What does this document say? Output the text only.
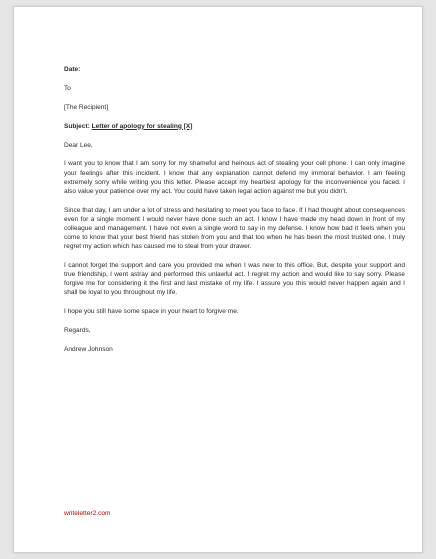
Date:
To
[The Recipient]
Subject: Letter of apology for stealing [X]
Dear Lee,

I want you to know that I am sorry for my shameful and heinous act of stealing your cell phone. I can only imagine your feelings after this incident. I know that any explanation cannot defend my immoral behavior. I am feeling extremely sorry while writing you this letter. Please accept my heartiest apology for the inconvenience you faced. I also value your patience over my act. You could have taken legal action against me but you didn't.

Since that day, I am under a lot of stress and hesitating to meet you face to face. If I had thought about consequences even for a single moment I would never have done such an act. I know I have made my head down in front of my colleague and management. I have not even a single word to say in my defense. I know how bad it feels when you come to know that your best friend has stolen from you and that too when he has been the most trusted one. I truly regret my action which has caused me to steal from your drawer.

I cannot forget the support and care you provided me when I was new to this office. But, despite your support and true friendship, I went astray and performed this unlawful act. I regret my action and would like to say sorry. Please forgive me for considering it the first and last mistake of my life. I assure you this would never happen again and I shall be loyal to you throughout my life.

I hope you still have some space in your heart to forgive me.

Regards,
Andrew Johnson
writeletter2.com
